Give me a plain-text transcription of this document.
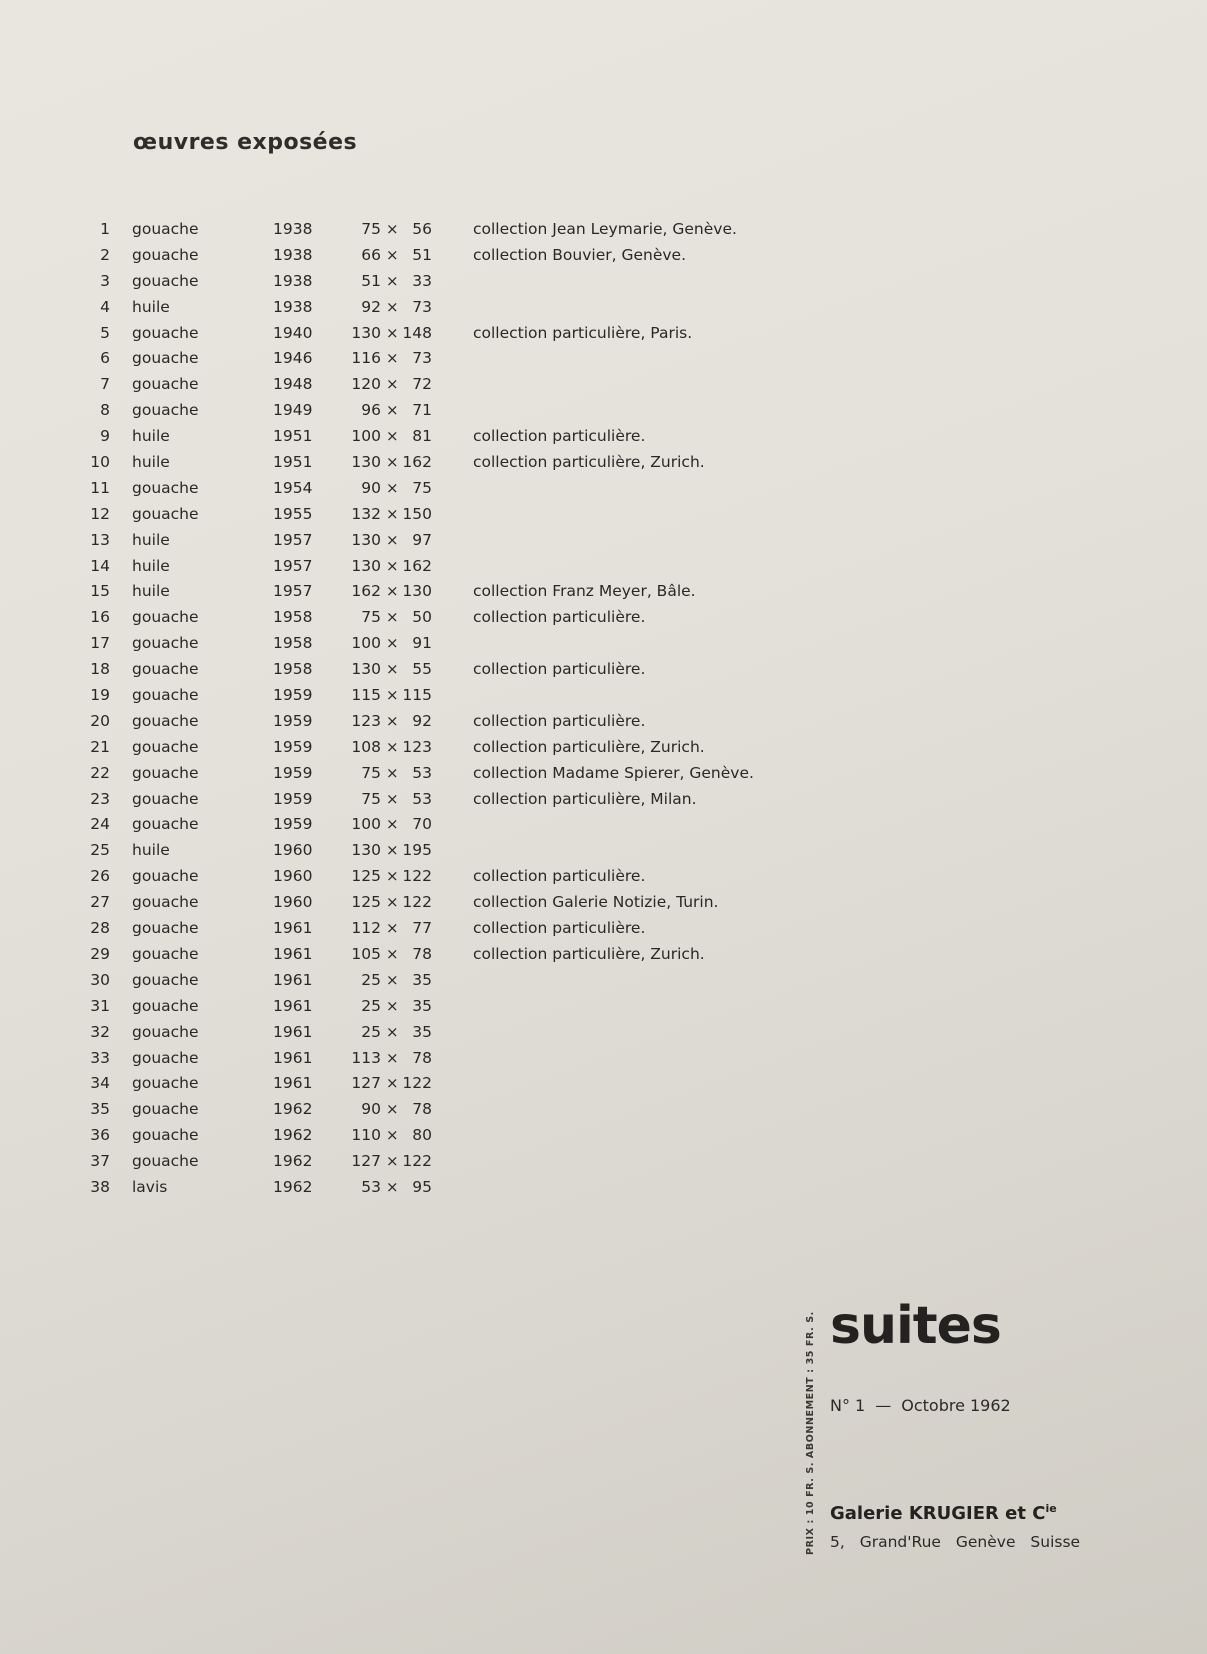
œuvres exposées
1 gouache	1938	75 × 56	collection Jean Leymarie, Genève.
2 gouache	1938	66 × 51	collection Bouvier, Genève.
3 gouache	1938	51 × 33
4 huile	1938	92 × 73
5 gouache	1940	130 × 148	collection particulière, Paris.
6 gouache	1946	116 × 73
7 gouache	1948	120 × 72
8 gouache	1949	96 × 71
9 huile	1951	100 × 81	collection particulière.
10 huile	1951	130 × 162	collection particulière, Zurich.
11 gouache	1954	90 × 75
12 gouache	1955	132 × 150
13 huile	1957	130 × 97
14 huile	1957	130 × 162
15 huile	1957	162 × 130	collection Franz Meyer, Bâle.
16 gouache	1958	75 × 50	collection particulière.
17 gouache	1958	100 × 91
18 gouache	1958	130 × 55	collection particulière.
19 gouache	1959	115 × 115
20 gouache	1959	123 × 92	collection particulière.
21 gouache	1959	108 × 123	collection particulière, Zurich.
22 gouache	1959	75 × 53	collection Madame Spierer, Genève.
23 gouache	1959	75 × 53	collection particulière, Milan.
24 gouache	1959	100 × 70
25 huile	1960	130 × 195
26 gouache	1960	125 × 122	collection particulière.
27 gouache	1960	125 × 122	collection Galerie Notizie, Turin.
28 gouache	1961	112 × 77	collection particulière.
29 gouache	1961	105 × 78	collection particulière, Zurich.
30 gouache	1961	25 × 35
31 gouache	1961	25 × 35
32 gouache	1961	25 × 35
33 gouache	1961	113 × 78
34 gouache	1961	127 × 122
35 gouache	1962	90 × 78
36 gouache	1962	110 × 80
37 gouache	1962	127 × 122
38 lavis	1962	53 × 95
PRIX : 10 FR. S. ABONNEMENT : 35 FR. S. suites
N° 1 — Octobre 1962
Galerie KRUGIER et $C^{ie}$
5, Grand'Rue Genève Suisse
